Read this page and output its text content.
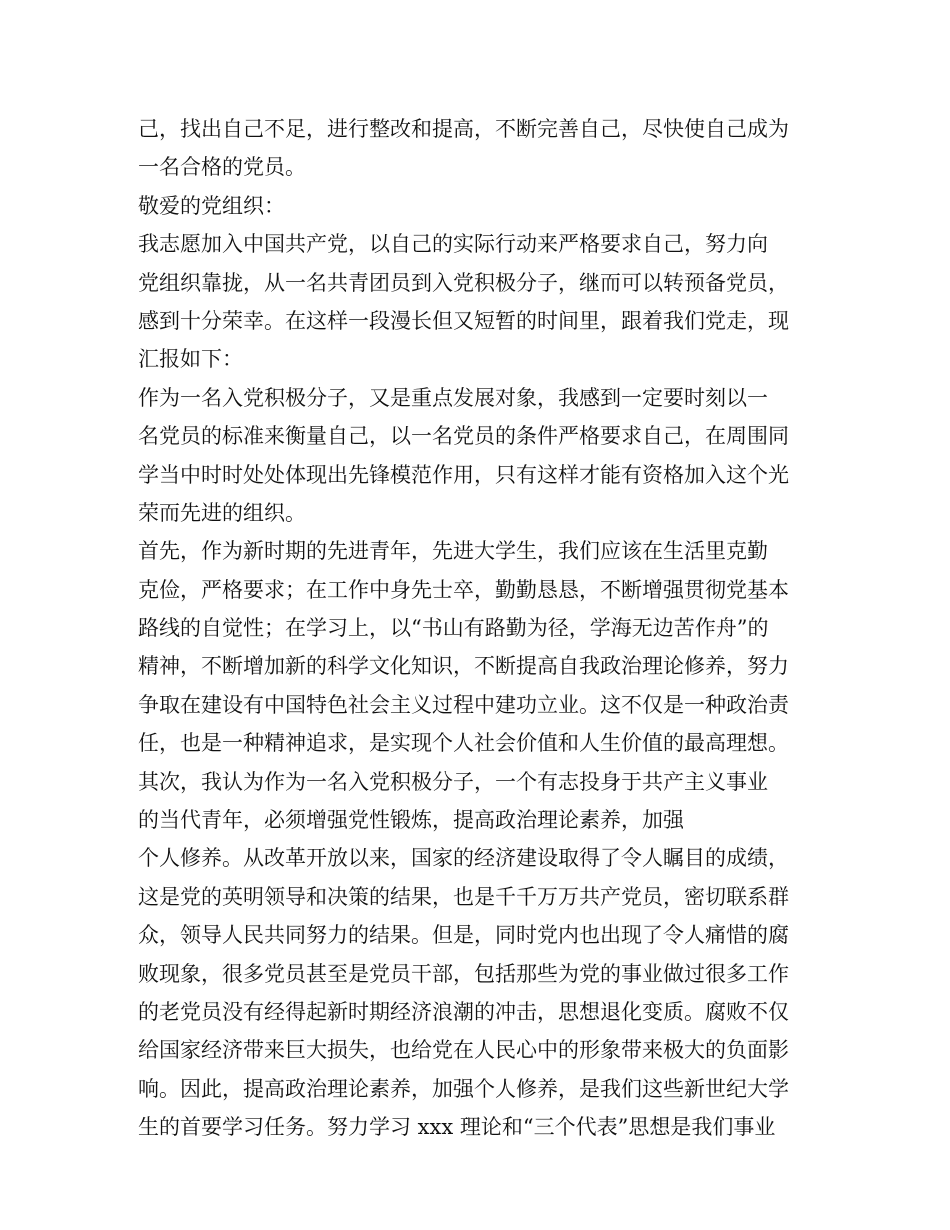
己，找出自己不足，进行整改和提高，不断完善自己，尽快使自己成为
一名合格的党员。
敬爱的党组织：
我志愿加入中国共产党，以自己的实际行动来严格要求自己，努力向
党组织靠拢，从一名共青团员到入党积极分子，继而可以转预备党员，
感到十分荣幸。在这样一段漫长但又短暂的时间里，跟着我们党走，现
汇报如下：
作为一名入党积极分子，又是重点发展对象，我感到一定要时刻以一
名党员的标准来衡量自己，以一名党员的条件严格要求自己，在周围同
学当中时时处处体现出先锋模范作用，只有这样才能有资格加入这个光
荣而先进的组织。
首先，作为新时期的先进青年，先进大学生，我们应该在生活里克勤
克俭，严格要求；在工作中身先士卒，勤勤恳恳，不断增强贯彻党基本
路线的自觉性；在学习上，以“书山有路勤为径，学海无边苦作舟”的
精神，不断增加新的科学文化知识，不断提高自我政治理论修养，努力
争取在建设有中国特色社会主义过程中建功立业。这不仅是一种政治责
任，也是一种精神追求，是实现个人社会价值和人生价值的最高理想。
其次，我认为作为一名入党积极分子，一个有志投身于共产主义事业
的当代青年，必须增强党性锻炼，提高政治理论素养，加强
个人修养。从改革开放以来，国家的经济建设取得了令人瞩目的成绩，
这是党的英明领导和决策的结果，也是千千万万共产党员，密切联系群
众，领导人民共同努力的结果。但是，同时党内也出现了令人痛惜的腐
败现象，很多党员甚至是党员干部，包括那些为党的事业做过很多工作
的老党员没有经得起新时期经济浪潮的冲击，思想退化变质。腐败不仅
给国家经济带来巨大损失，也给党在人民心中的形象带来极大的负面影
响。因此，提高政治理论素养，加强个人修养，是我们这些新世纪大学
生的首要学习任务。努力学习 xxx 理论和“三个代表”思想是我们事业
